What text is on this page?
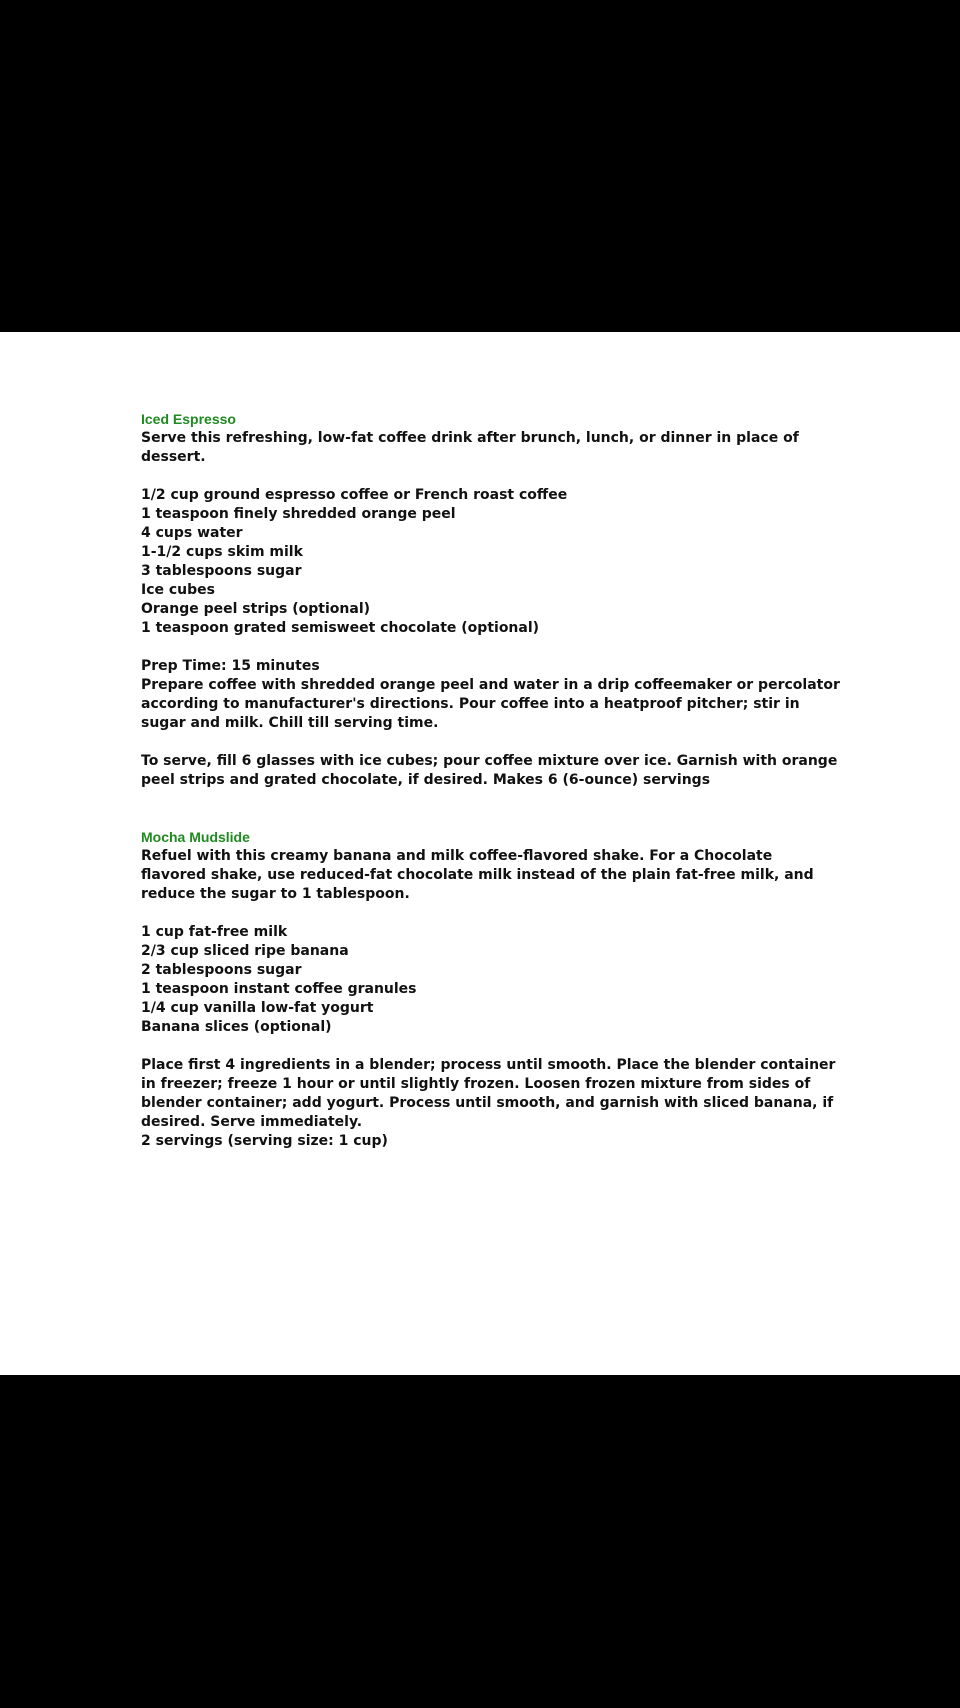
Iced Espresso

Serve this refreshing, low-fat coffee drink after brunch, lunch, or dinner in place of dessert.

1/2 cup ground espresso coffee or French roast coffee
1 teaspoon finely shredded orange peel
4 cups water
1-1/2 cups skim milk
3 tablespoons sugar
Ice cubes
Orange peel strips (optional)
1 teaspoon grated semisweet chocolate (optional)

Prep Time: 15 minutes

Prepare coffee with shredded orange peel and water in a drip coffeemaker or percolator according to manufacturer's directions. Pour coffee into a heatproof pitcher; stir in sugar and milk. Chill till serving time.

To serve, fill 6 glasses with ice cubes; pour coffee mixture over ice. Garnish with orange peel strips and grated chocolate, if desired. Makes 6 (6-ounce) servings

Mocha Mudslide

Refuel with this creamy banana and milk coffee-flavored shake. For a Chocolate flavored shake, use reduced-fat chocolate milk instead of the plain fat-free milk, and reduce the sugar to 1 tablespoon.

1 cup fat-free milk
2/3 cup sliced ripe banana
2 tablespoons sugar
1 teaspoon instant coffee granules
1/4 cup vanilla low-fat yogurt
Banana slices (optional)

Place first 4 ingredients in a blender; process until smooth. Place the blender container in freezer; freeze 1 hour or until slightly frozen. Loosen frozen mixture from sides of blender container; add yogurt. Process until smooth, and garnish with sliced banana, if desired. Serve immediately.

2 servings (serving size: 1 cup)
